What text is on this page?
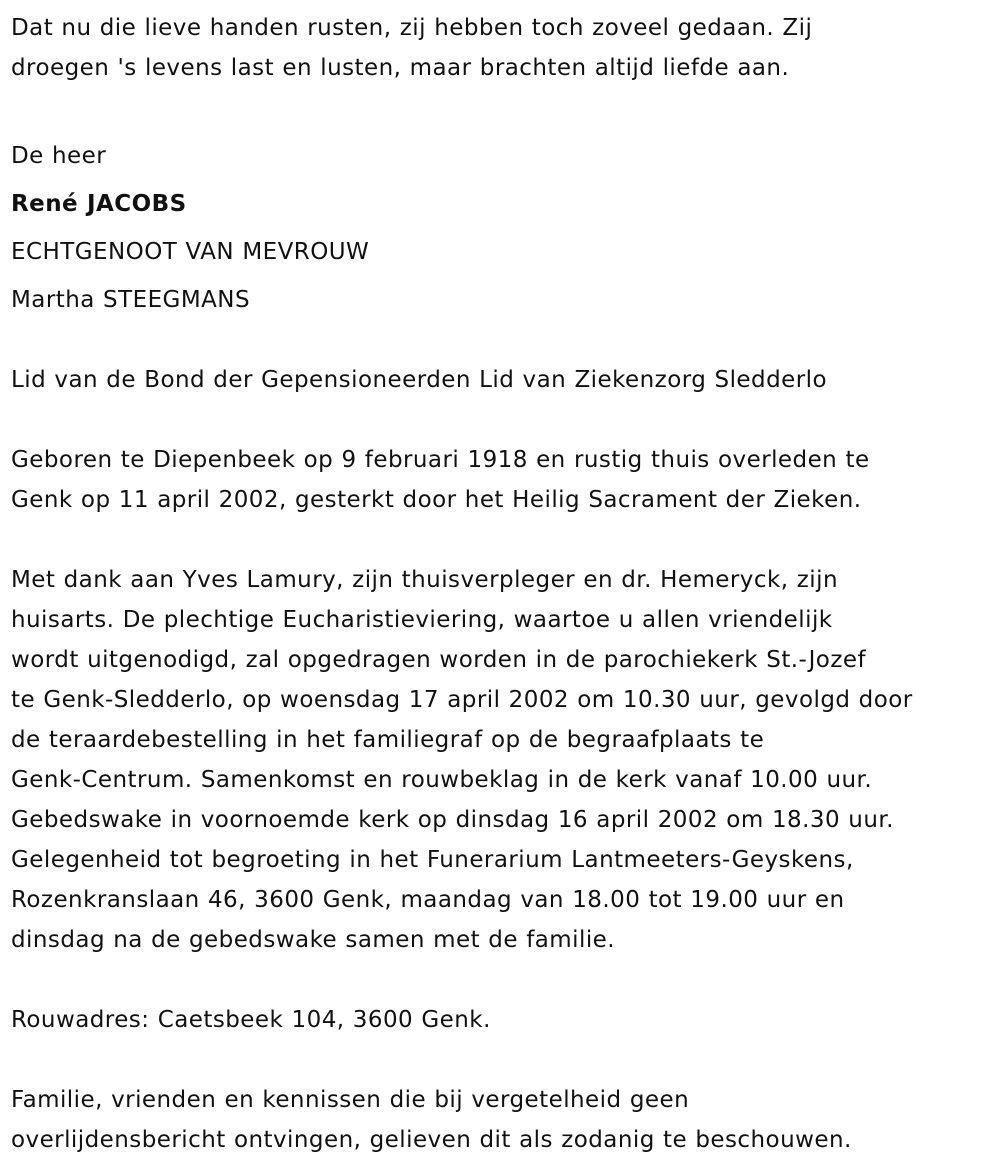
Dat nu die lieve handen rusten, zij hebben toch zoveel gedaan. Zij
droegen 's levens last en lusten, maar brachten altijd liefde aan.
De heer
René JACOBS
ECHTGENOOT VAN MEVROUW
Martha STEEGMANS
Lid van de Bond der Gepensioneerden Lid van Ziekenzorg Sledderlo
Geboren te Diepenbeek op 9 februari 1918 en rustig thuis overleden te
Genk op 11 april 2002, gesterkt door het Heilig Sacrament der Zieken.
Met dank aan Yves Lamury, zijn thuisverpleger en dr. Hemeryck, zijn
huisarts. De plechtige Eucharistieviering, waartoe u allen vriendelijk
wordt uitgenodigd, zal opgedragen worden in de parochiekerk St.-Jozef
te Genk-Sledderlo, op woensdag 17 april 2002 om 10.30 uur, gevolgd door
de teraardebestelling in het familiegraf op de begraafplaats te
Genk-Centrum. Samenkomst en rouwbeklag in de kerk vanaf 10.00 uur.
Gebedswake in voornoemde kerk op dinsdag 16 april 2002 om 18.30 uur.
Gelegenheid tot begroeting in het Funerarium Lantmeeters-Geyskens,
Rozenkranslaan 46, 3600 Genk, maandag van 18.00 tot 19.00 uur en
dinsdag na de gebedswake samen met de familie.
Rouwadres: Caetsbeek 104, 3600 Genk.
Familie, vrienden en kennissen die bij vergetelheid geen
overlijdensbericht ontvingen, gelieven dit als zodanig te beschouwen.
